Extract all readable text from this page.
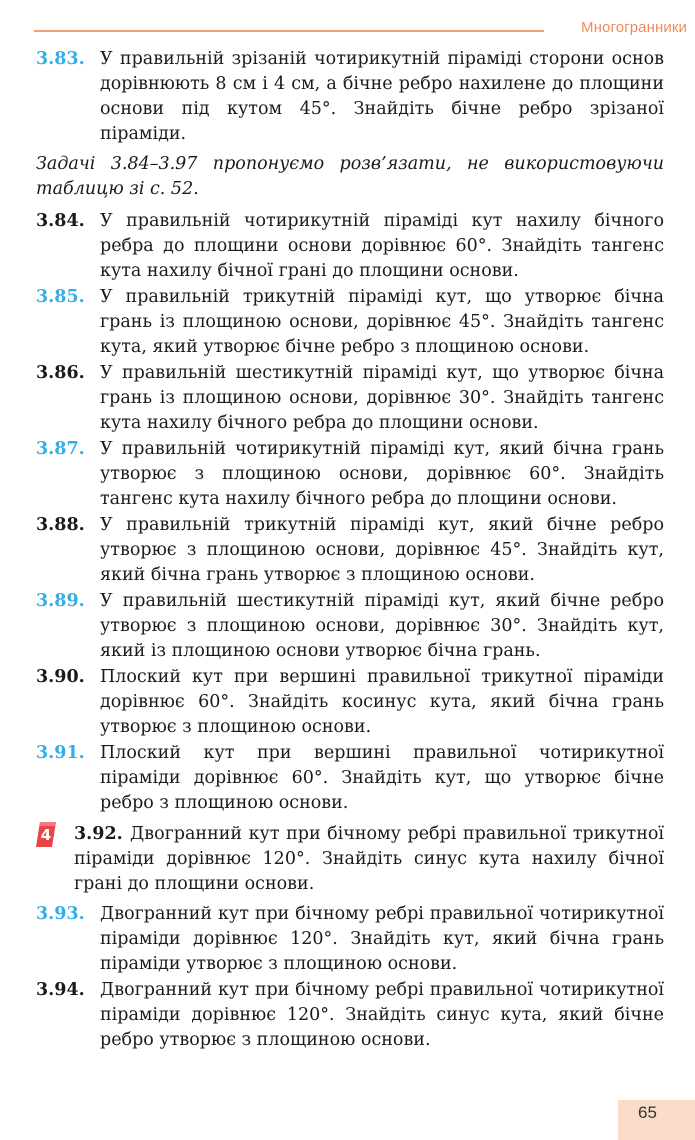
Многогранники
3.83. У правильній зрізаній чотирикутній піраміді сторони основ дорівнюють 8 см і 4 см, а бічне ребро нахилене до площини основи під кутом 45°. Знайдіть бічне ребро зрізаної піраміди.
Задачі 3.84–3.97 пропонуємо розв’язати, не використовуючи таблицю зі с. 52.
3.84. У правильній чотирикутній піраміді кут нахилу бічного ребра до площини основи дорівнює 60°. Знайдіть тангенс кута нахилу бічної грані до площини основи.
3.85. У правильній трикутній піраміді кут, що утворює бічна грань із площиною основи, дорівнює 45°. Знайдіть тангенс кута, який утворює бічне ребро з площиною основи.
3.86. У правильній шестикутній піраміді кут, що утворює бічна грань із площиною основи, дорівнює 30°. Знайдіть тангенс кута нахилу бічного ребра до площини основи.
3.87. У правильній чотирикутній піраміді кут, який бічна грань утворює з площиною основи, дорівнює 60°. Знайдіть тангенс кута нахилу бічного ребра до площини основи.
3.88. У правильній трикутній піраміді кут, який бічне ребро утворює з площиною основи, дорівнює 45°. Знайдіть кут, який бічна грань утворює з площиною основи.
3.89. У правильній шестикутній піраміді кут, який бічне ребро утворює з площиною основи, дорівнює 30°. Знайдіть кут, який із площиною основи утворює бічна грань.
3.90. Плоский кут при вершині правильної трикутної піраміди дорівнює 60°. Знайдіть косинус кута, який бічна грань утворює з площиною основи.
3.91. Плоский кут при вершині правильної чотирикутної піраміди дорівнює 60°. Знайдіть кут, що утворює бічне ребро з площиною основи.
4 3.92. Двогранний кут при бічному ребрі правильної трикутної піраміди дорівнює 120°. Знайдіть синус кута нахилу бічної грані до площини основи.
3.93. Двогранний кут при бічному ребрі правильної чотирикутної піраміди дорівнює 120°. Знайдіть кут, який бічна грань піраміди утворює з площиною основи.
3.94. Двогранний кут при бічному ребрі правильної чотирикутної піраміди дорівнює 120°. Знайдіть синус кута, який бічне ребро утворює з площиною основи.
65
